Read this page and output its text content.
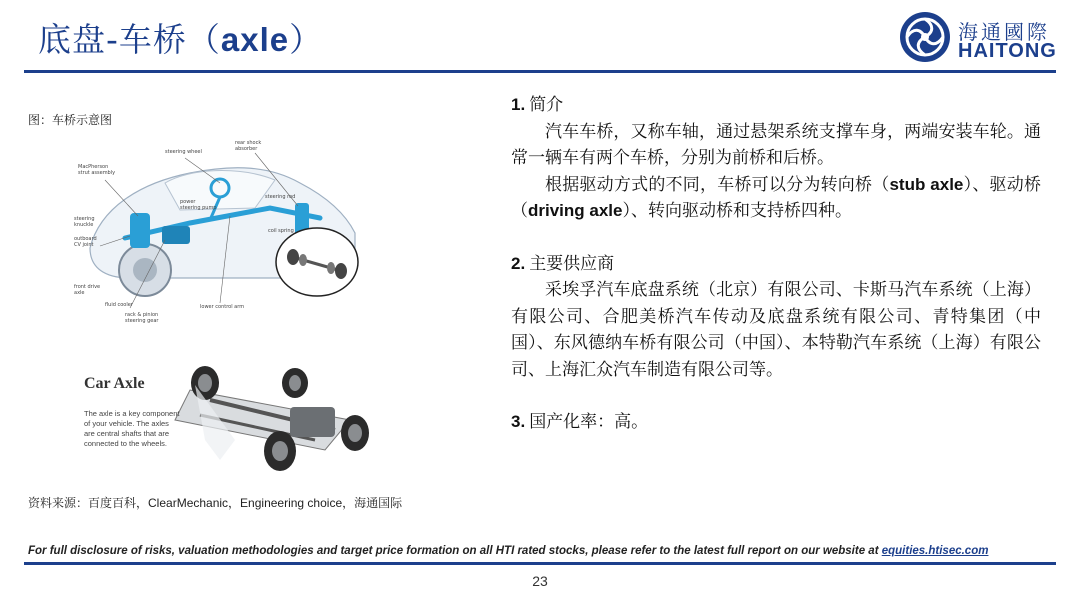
底盘-车桥（axle）	海通國際
HAITONG
图：车桥示意图
MacPherson
strut assembly
steering wheel
rear shock
absorber
outboard
CV joint
steering
knuckle
power
steering pump
coil spring
steering rod
front drive
axle
fluid cooler
rack & pinion
steering gear
lower control arm
Car Axle
The axle is a key component
of your vehicle. The axles
are central shafts that are
connected to the wheels.
资料来源：百度百科，ClearMechanic，Engineering choice，海通国际

1. 简介

汽车车桥，又称车轴，通过悬架系统支撑车身，两端安装车轮。通常一辆车有两个车桥，分别为前桥和后桥。

根据驱动方式的不同，车桥可以分为转向桥（stub axle）、驱动桥（driving axle）、转向驱动桥和支持桥四种。

2. 主要供应商

采埃孚汽车底盘系统（北京）有限公司、卡斯马汽车系统（上海）有限公司、合肥美桥汽车传动及底盘系统有限公司、青特集团（中国）、东风德纳车桥有限公司（中国）、本特勒汽车系统（上海）有限公司、上海汇众汽车制造有限公司等。

3. 国产化率：高。

For full disclosure of risks, valuation methodologies and target price formation on all HTI rated stocks, please refer to the latest full report on our website at equities.htisec.com
23
